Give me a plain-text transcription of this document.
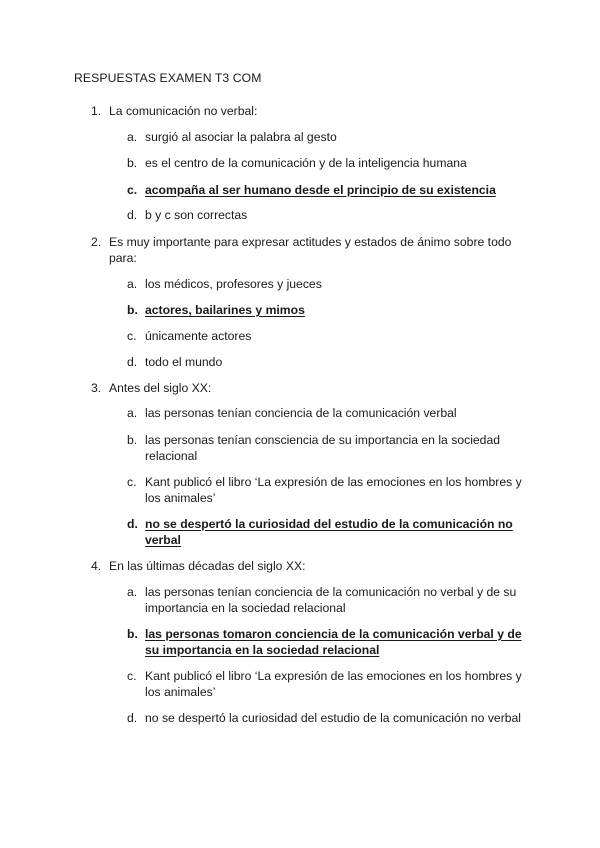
RESPUESTAS EXAMEN T3 COM
1. La comunicación no verbal:
a. surgió al asociar la palabra al gesto
b. es el centro de la comunicación y de la inteligencia humana
c. acompaña al ser humano desde el principio de su existencia
d. b y c son correctas
2. Es muy importante para expresar actitudes y estados de ánimo sobre todo para:
a. los médicos, profesores y jueces
b. actores, bailarines y mimos
c. únicamente actores
d. todo el mundo
3. Antes del siglo XX:
a. las personas tenían conciencia de la comunicación verbal
b. las personas tenían consciencia de su importancia en la sociedad relacional
c. Kant publicó el libro ‘La expresión de las emociones en los hombres y los animales’
d. no se despertó la curiosidad del estudio de la comunicación no verbal
4. En las últimas décadas del siglo XX:
a. las personas tenían conciencia de la comunicación no verbal y de su importancia en la sociedad relacional
b. las personas tomaron conciencia de la comunicación verbal y de su importancia en la sociedad relacional
c. Kant publicó el libro ‘La expresión de las emociones en los hombres y los animales’
d. no se despertó la curiosidad del estudio de la comunicación no verbal
